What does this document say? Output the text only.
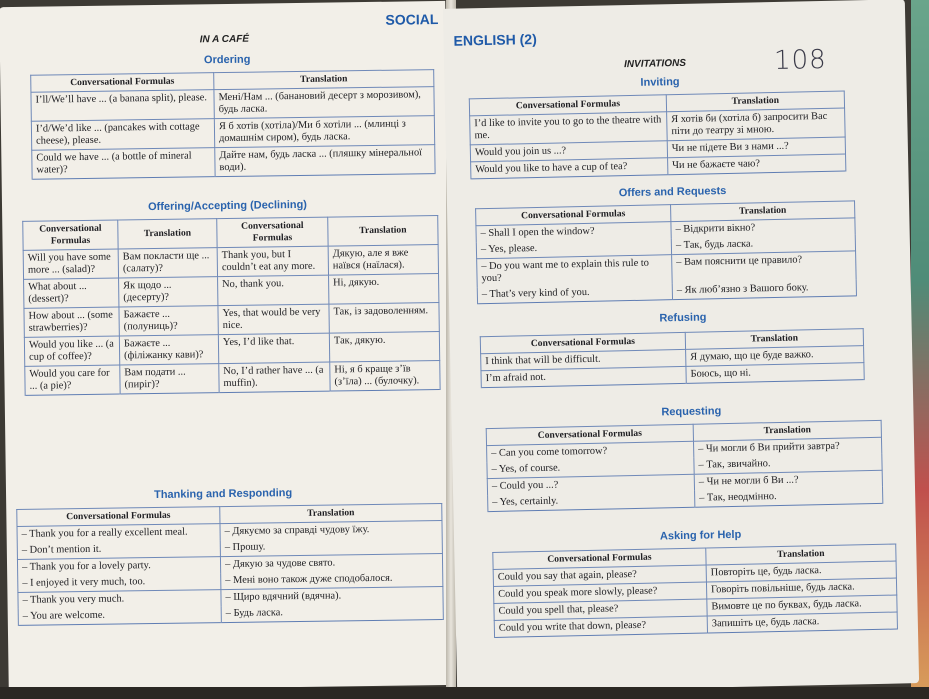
SOCIAL
IN A CAFÉ
Ordering
Conversational Formulas	Translation
I’ll/We’ll have ... (a banana split), please.	Мені/Нам ... (банановий десерт з морозивом), будь ласка.
I’d/We’d like ... (pancakes with cottage cheese), please.	Я б хотів (хотіла)/Ми б хотіли ... (млинці з домашнім сиром), будь ласка.
Could we have ... (a bottle of mineral water)?	Дайте нам, будь ласка ... (пляшку мінеральної води).
Offering/Accepting (Declining)
Conversational Formulas	Translation	Conversational Formulas	Translation
Will you have some more ... (salad)?	Вам покласти ще ... (салату)?	Thank you, but I couldn’t eat any more.	Дякую, але я вже наївся (наїлася).
What about ... (dessert)?	Як щодо ... (десерту)?	No, thank you.	Ні, дякую.
How about ... (some strawberries)?	Бажаєте ... (полуниць)?	Yes, that would be very nice.	Так, із задоволенням.
Would you like ... (a cup of coffee)?	Бажаєте ... (філіжанку кави)?	Yes, I’d like that.	Так, дякую.
Would you care for ... (a pie)?	Вам подати ... (пиріг)?	No, I’d rather have ... (a muffin).	Ні, я б краще з’їв (з’їла) ... (булочку).
Thanking and Responding
Conversational Formulas	Translation
– Thank you for a really excellent meal.	– Дякуємо за справді чудову їжу.
– Don’t mention it.	– Прошу.
– Thank you for a lovely party.	– Дякую за чудове свято.
– I enjoyed it very much, too.	– Мені воно також дуже сподобалося.
– Thank you very much.	– Щиро вдячний (вдячна).
– You are welcome.	– Будь ласка.
ENGLISH (2)
108
INVITATIONS
Inviting
Conversational Formulas	Translation
I’d like to invite you to go to the theatre with me.	Я хотів би (хотіла б) запросити Вас піти до театру зі мною.
Would you join us ...?	Чи не підете Ви з нами ...?
Would you like to have a cup of tea?	Чи не бажаєте чаю?
Offers and Requests
Conversational Formulas	Translation
– Shall I open the window?	– Відкрити вікно?
– Yes, please.	– Так, будь ласка.
– Do you want me to explain this rule to you?	– Вам пояснити це правило?
– That’s very kind of you.	– Як люб’язно з Вашого боку.
Refusing
Conversational Formulas	Translation
I think that will be difficult.	Я думаю, що це буде важко.
I’m afraid not.	Боюсь, що ні.
Requesting
Conversational Formulas	Translation
– Can you come tomorrow?	– Чи могли б Ви прийти завтра?
– Yes, of course.	– Так, звичайно.
– Could you ...?	– Чи не могли б Ви ...?
– Yes, certainly.	– Так, неодмінно.
Asking for Help
Conversational Formulas	Translation
Could you say that again, please?	Повторіть це, будь ласка.
Could you speak more slowly, please?	Говоріть повільніше, будь ласка.
Could you spell that, please?	Вимовте це по буквах, будь ласка.
Could you write that down, please?	Запишіть це, будь ласка.
